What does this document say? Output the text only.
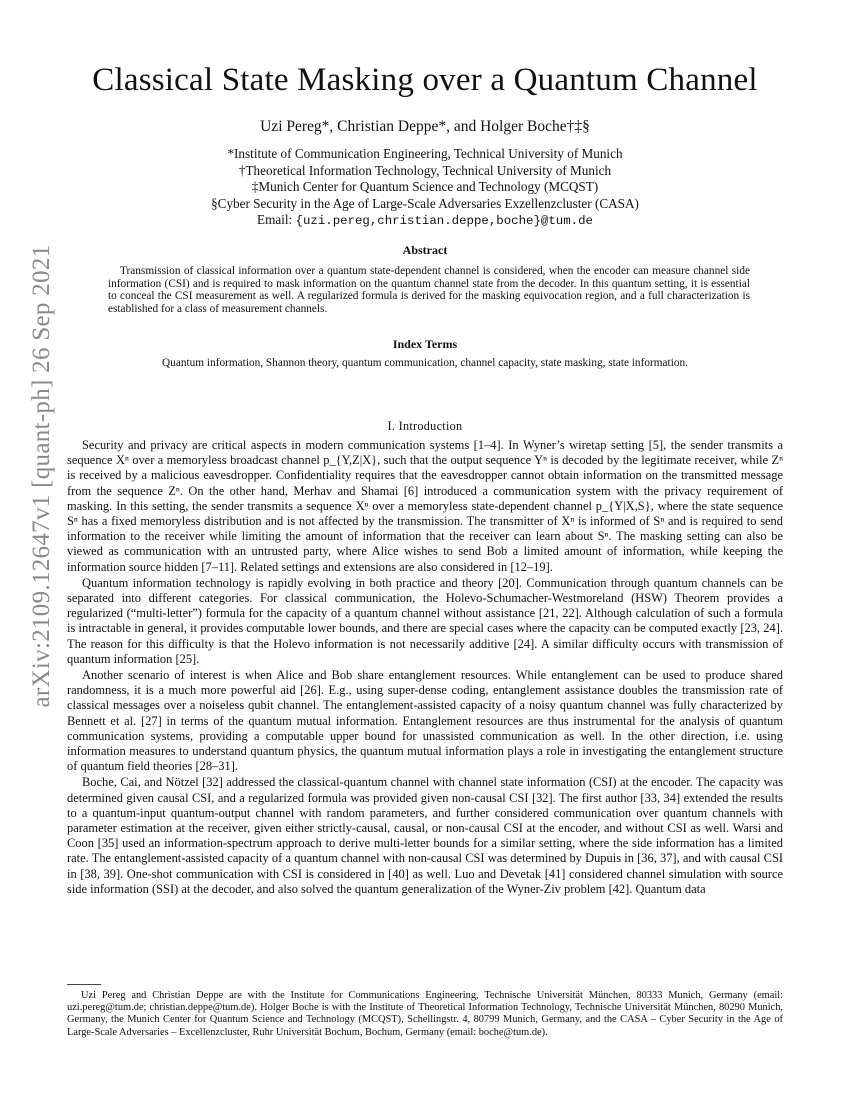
arXiv:2109.12647v1 [quant-ph] 26 Sep 2021
Classical State Masking over a Quantum Channel
Uzi Pereg*, Christian Deppe*, and Holger Boche†‡§
*Institute of Communication Engineering, Technical University of Munich
†Theoretical Information Technology, Technical University of Munich
‡Munich Center for Quantum Science and Technology (MCQST)
§Cyber Security in the Age of Large-Scale Adversaries Exzellenzcluster (CASA)
Email: {uzi.pereg,christian.deppe,boche}@tum.de
Abstract
Transmission of classical information over a quantum state-dependent channel is considered, when the encoder can measure channel side information (CSI) and is required to mask information on the quantum channel state from the decoder. In this quantum setting, it is essential to conceal the CSI measurement as well. A regularized formula is derived for the masking equivocation region, and a full characterization is established for a class of measurement channels.
Index Terms
Quantum information, Shannon theory, quantum communication, channel capacity, state masking, state information.
I. Introduction

Security and privacy are critical aspects in modern communication systems [1–4]. In Wyner’s wiretap setting [5], the sender transmits a sequence Xⁿ over a memoryless broadcast channel p_{Y,Z|X}, such that the output sequence Yⁿ is decoded by the legitimate receiver, while Zⁿ is received by a malicious eavesdropper. Confidentiality requires that the eavesdropper cannot obtain information on the transmitted message from the sequence Zⁿ. On the other hand, Merhav and Shamai [6] introduced a communication system with the privacy requirement of masking. In this setting, the sender transmits a sequence Xⁿ over a memoryless state-dependent channel p_{Y|X,S}, where the state sequence Sⁿ has a fixed memoryless distribution and is not affected by the transmission. The transmitter of Xⁿ is informed of Sⁿ and is required to send information to the receiver while limiting the amount of information that the receiver can learn about Sⁿ. The masking setting can also be viewed as communication with an untrusted party, where Alice wishes to send Bob a limited amount of information, while keeping the information source hidden [7–11]. Related settings and extensions are also considered in [12–19].

Quantum information technology is rapidly evolving in both practice and theory [20]. Communication through quantum channels can be separated into different categories. For classical communication, the Holevo-Schumacher-Westmoreland (HSW) Theorem provides a regularized (“multi-letter”) formula for the capacity of a quantum channel without assistance [21, 22]. Although calculation of such a formula is intractable in general, it provides computable lower bounds, and there are special cases where the capacity can be computed exactly [23, 24]. The reason for this difficulty is that the Holevo information is not necessarily additive [24]. A similar difficulty occurs with transmission of quantum information [25].

Another scenario of interest is when Alice and Bob share entanglement resources. While entanglement can be used to produce shared randomness, it is a much more powerful aid [26]. E.g., using super-dense coding, entanglement assistance doubles the transmission rate of classical messages over a noiseless qubit channel. The entanglement-assisted capacity of a noisy quantum channel was fully characterized by Bennett et al. [27] in terms of the quantum mutual information. Entanglement resources are thus instrumental for the analysis of quantum communication systems, providing a computable upper bound for unassisted communication as well. In the other direction, i.e. using information measures to understand quantum physics, the quantum mutual information plays a role in investigating the entanglement structure of quantum field theories [28–31].

Boche, Cai, and Nötzel [32] addressed the classical-quantum channel with channel state information (CSI) at the encoder. The capacity was determined given causal CSI, and a regularized formula was provided given non-causal CSI [32]. The first author [33, 34] extended the results to a quantum-input quantum-output channel with random parameters, and further considered communication over quantum channels with parameter estimation at the receiver, given either strictly-causal, causal, or non-causal CSI at the encoder, and without CSI as well. Warsi and Coon [35] used an information-spectrum approach to derive multi-letter bounds for a similar setting, where the side information has a limited rate. The entanglement-assisted capacity of a quantum channel with non-causal CSI was determined by Dupuis in [36, 37], and with causal CSI in [38, 39]. One-shot communication with CSI is considered in [40] as well. Luo and Devetak [41] considered channel simulation with source side information (SSI) at the decoder, and also solved the quantum generalization of the Wyner-Ziv problem [42]. Quantum data

Uzi Pereg and Christian Deppe are with the Institute for Communications Engineering, Technische Universität München, 80333 Munich, Germany (email: uzi.pereg@tum.de; christian.deppe@tum.de). Holger Boche is with the Institute of Theoretical Information Technology, Technische Universität München, 80290 Munich, Germany, the Munich Center for Quantum Science and Technology (MCQST), Schellingstr. 4, 80799 Munich, Germany, and the CASA – Cyber Security in the Age of Large-Scale Adversaries – Excellenzcluster, Ruhr Universität Bochum, Bochum, Germany (email: boche@tum.de).
